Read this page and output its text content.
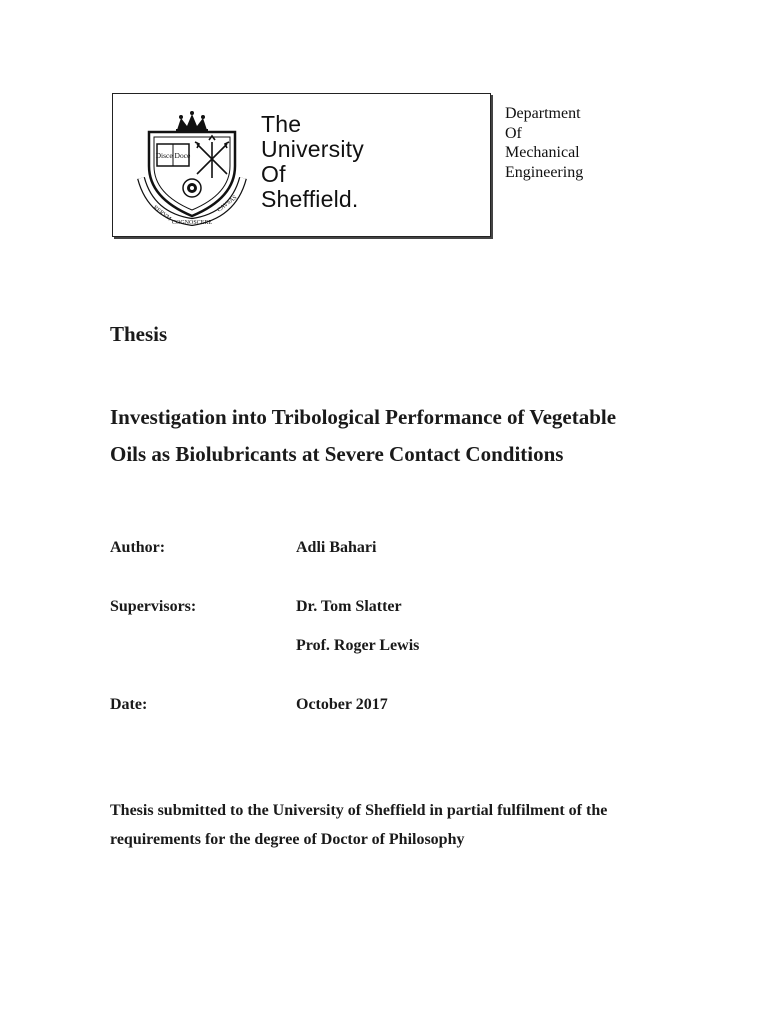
Disce Doce
RERVM
COGNOSCERE
CAVSAS
The
University
Of
Sheffield.
Department
Of
Mechanical
Engineering
Thesis
Investigation into Tribological Performance of Vegetable
Oils as Biolubricants at Severe Contact Conditions
Author:	Adli Bahari
Supervisors:	Dr. Tom Slatter
Prof. Roger Lewis
Date:	October 2017
Thesis submitted to the University of Sheffield in partial fulfilment of the
requirements for the degree of Doctor of Philosophy
